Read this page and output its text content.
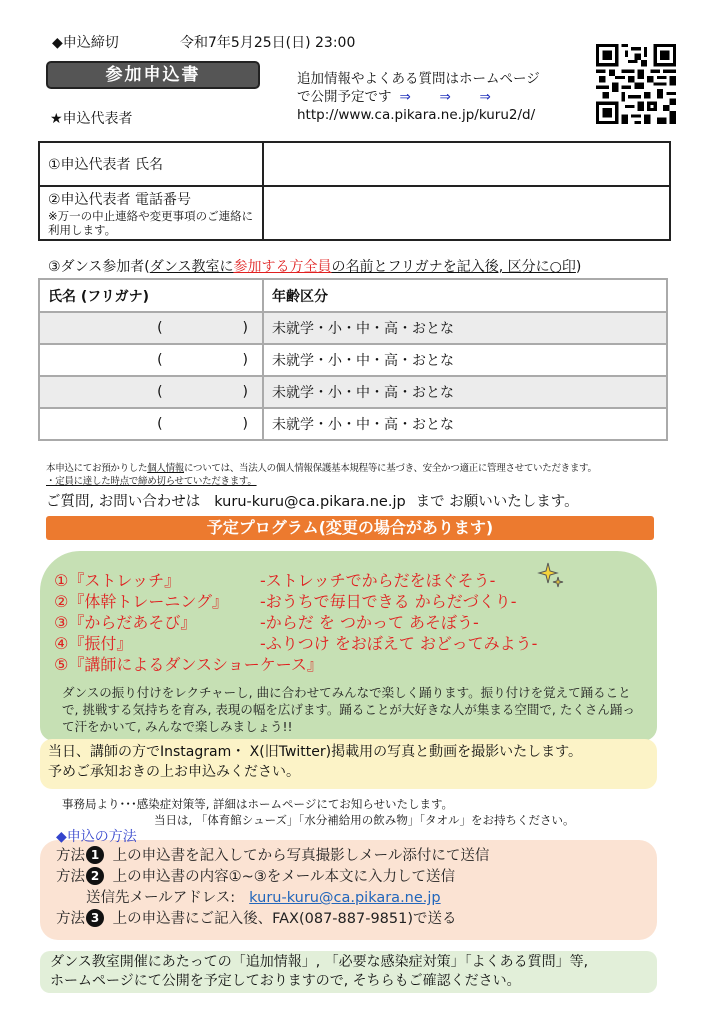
◆申込締切	令和7年5月25日(日) 23:00
参加申込書
★申込代表者
追加情報やよくある質問はホームページ
で公開予定です ⇒ ⇒ ⇒
http://www.ca.pikara.ne.jp/kuru2/d/
①申込代表者 氏名	
②申込代表者 電話番号
※万一の中止連絡や変更事項のご連絡に利用します。	

③ダンス参加者(ダンス教室に参加する方全員の名前とフリガナを記入後, 区分に○印)
氏名 (フリガナ)	年齢区分

( )	未就学・小・中・高・おとな

( )	未就学・小・中・高・おとな

( )	未就学・小・中・高・おとな

( )	未就学・小・中・高・おとな
本申込にてお預かりした個人情報については、当法人の個人情報保護基本規程等に基づき、安全かつ適正に管理させていただきます。
・定員に達した時点で締め切らせていただきます。
ご質問, お問い合わせは kuru-kuru@ca.pikara.ne.jp まで お願いいたします。
予定プログラム(変更の場合があります)
①『ストレッチ』	-ストレッチでからだをほぐそう-
②『体幹トレーニング』	-おうちで毎日できる からだづくり-
③『からだあそび』	-からだ を つかって あそぼう-
④『振付』	-ふりつけ をおぼえて おどってみよう-
⑤『講師によるダンスショーケース』
ダンスの振り付けをレクチャーし, 曲に合わせてみんなで楽しく踊ります。振り付けを覚えて踊ることで, 挑戦する気持ちを育み, 表現の幅を広げます。踊ることが大好きな人が集まる空間で, たくさん踊って汗をかいて, みんなで楽しみましょう!!
当日、講師の方でInstagram・ X(旧Twitter)掲載用の写真と動画を撮影いたします。
予めご承知おきの上お申込みください。
事務局より･･･感染症対策等, 詳細はホームページにてお知らせいたします。
当日は, 「体育館シューズ」「水分補給用の飲み物」「タオル」をお持ちください。
◆申込の方法
方法 1 上の申込書を記入してから写真撮影しメール添付にて送信
方法 2 上の申込書の内容①~③をメール本文に入力して送信
送信先メールアドレス: kuru-kuru@ca.pikara.ne.jp
方法 3 上の申込書にご記入後、FAX(087-887-9851)で送る
ダンス教室開催にあたっての「追加情報」, 「必要な感染症対策」「よくある質問」等,
ホームページにて公開を予定しておりますので, そちらもご確認ください。
